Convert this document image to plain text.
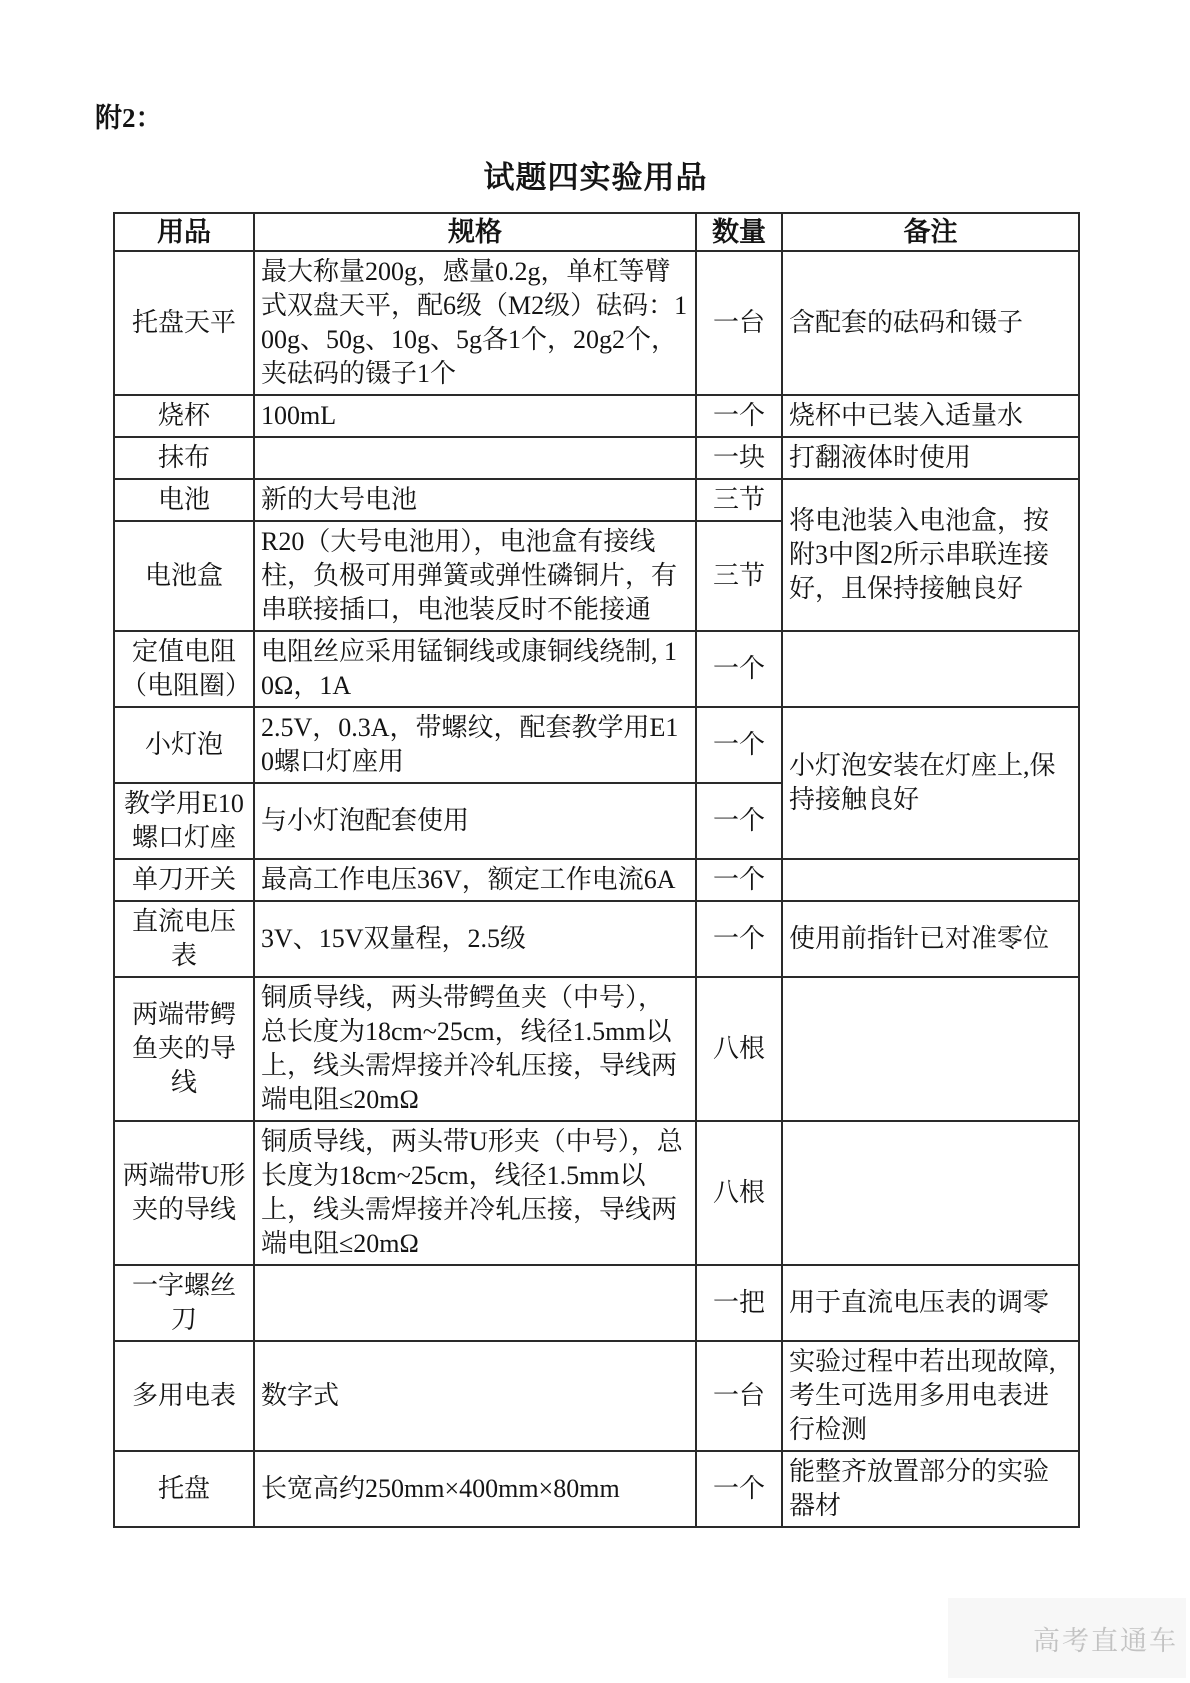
附2：
试题四实验用品
用品	规格	数量	备注
托盘天平	最大称量200g，感量0.2g，单杠等臂式双盘天平，配6级（M2级）砝码：100g、50g、10g、5g各1个，20g2个，夹砝码的镊子1个	一台	含配套的砝码和镊子
烧杯	100mL	一个	烧杯中已装入适量水
抹布		一块	打翻液体时使用
电池	新的大号电池	三节	将电池装入电池盒，按附3中图2所示串联连接好，且保持接触良好
电池盒	R20（大号电池用），电池盒有接线柱，负极可用弹簧或弹性磷铜片，有串联接插口，电池装反时不能接通	三节	
定值电阻（电阻圈）	电阻丝应采用锰铜线或康铜线绕制, 10Ω，1A	一个	
小灯泡	2.5V，0.3A，带螺纹，配套教学用E10螺口灯座用	一个	小灯泡安装在灯座上,保持接触良好
教学用E10螺口灯座	与小灯泡配套使用	一个	
单刀开关	最高工作电压36V，额定工作电流6A	一个	
直流电压表	3V、15V双量程，2.5级	一个	使用前指针已对准零位
两端带鳄鱼夹的导线	铜质导线，两头带鳄鱼夹（中号），总长度为18cm~25cm，线径1.5mm以上，线头需焊接并冷轧压接，导线两端电阻≤20mΩ	八根	
两端带U形夹的导线	铜质导线，两头带U形夹（中号），总长度为18cm~25cm，线径1.5mm以上，线头需焊接并冷轧压接，导线两端电阻≤20mΩ	八根	
一字螺丝刀		一把	用于直流电压表的调零
多用电表	数字式	一台	实验过程中若出现故障,考生可选用多用电表进行检测
托盘	长宽高约250mm×400mm×80mm	一个	能整齐放置部分的实验器材
高考直通车
